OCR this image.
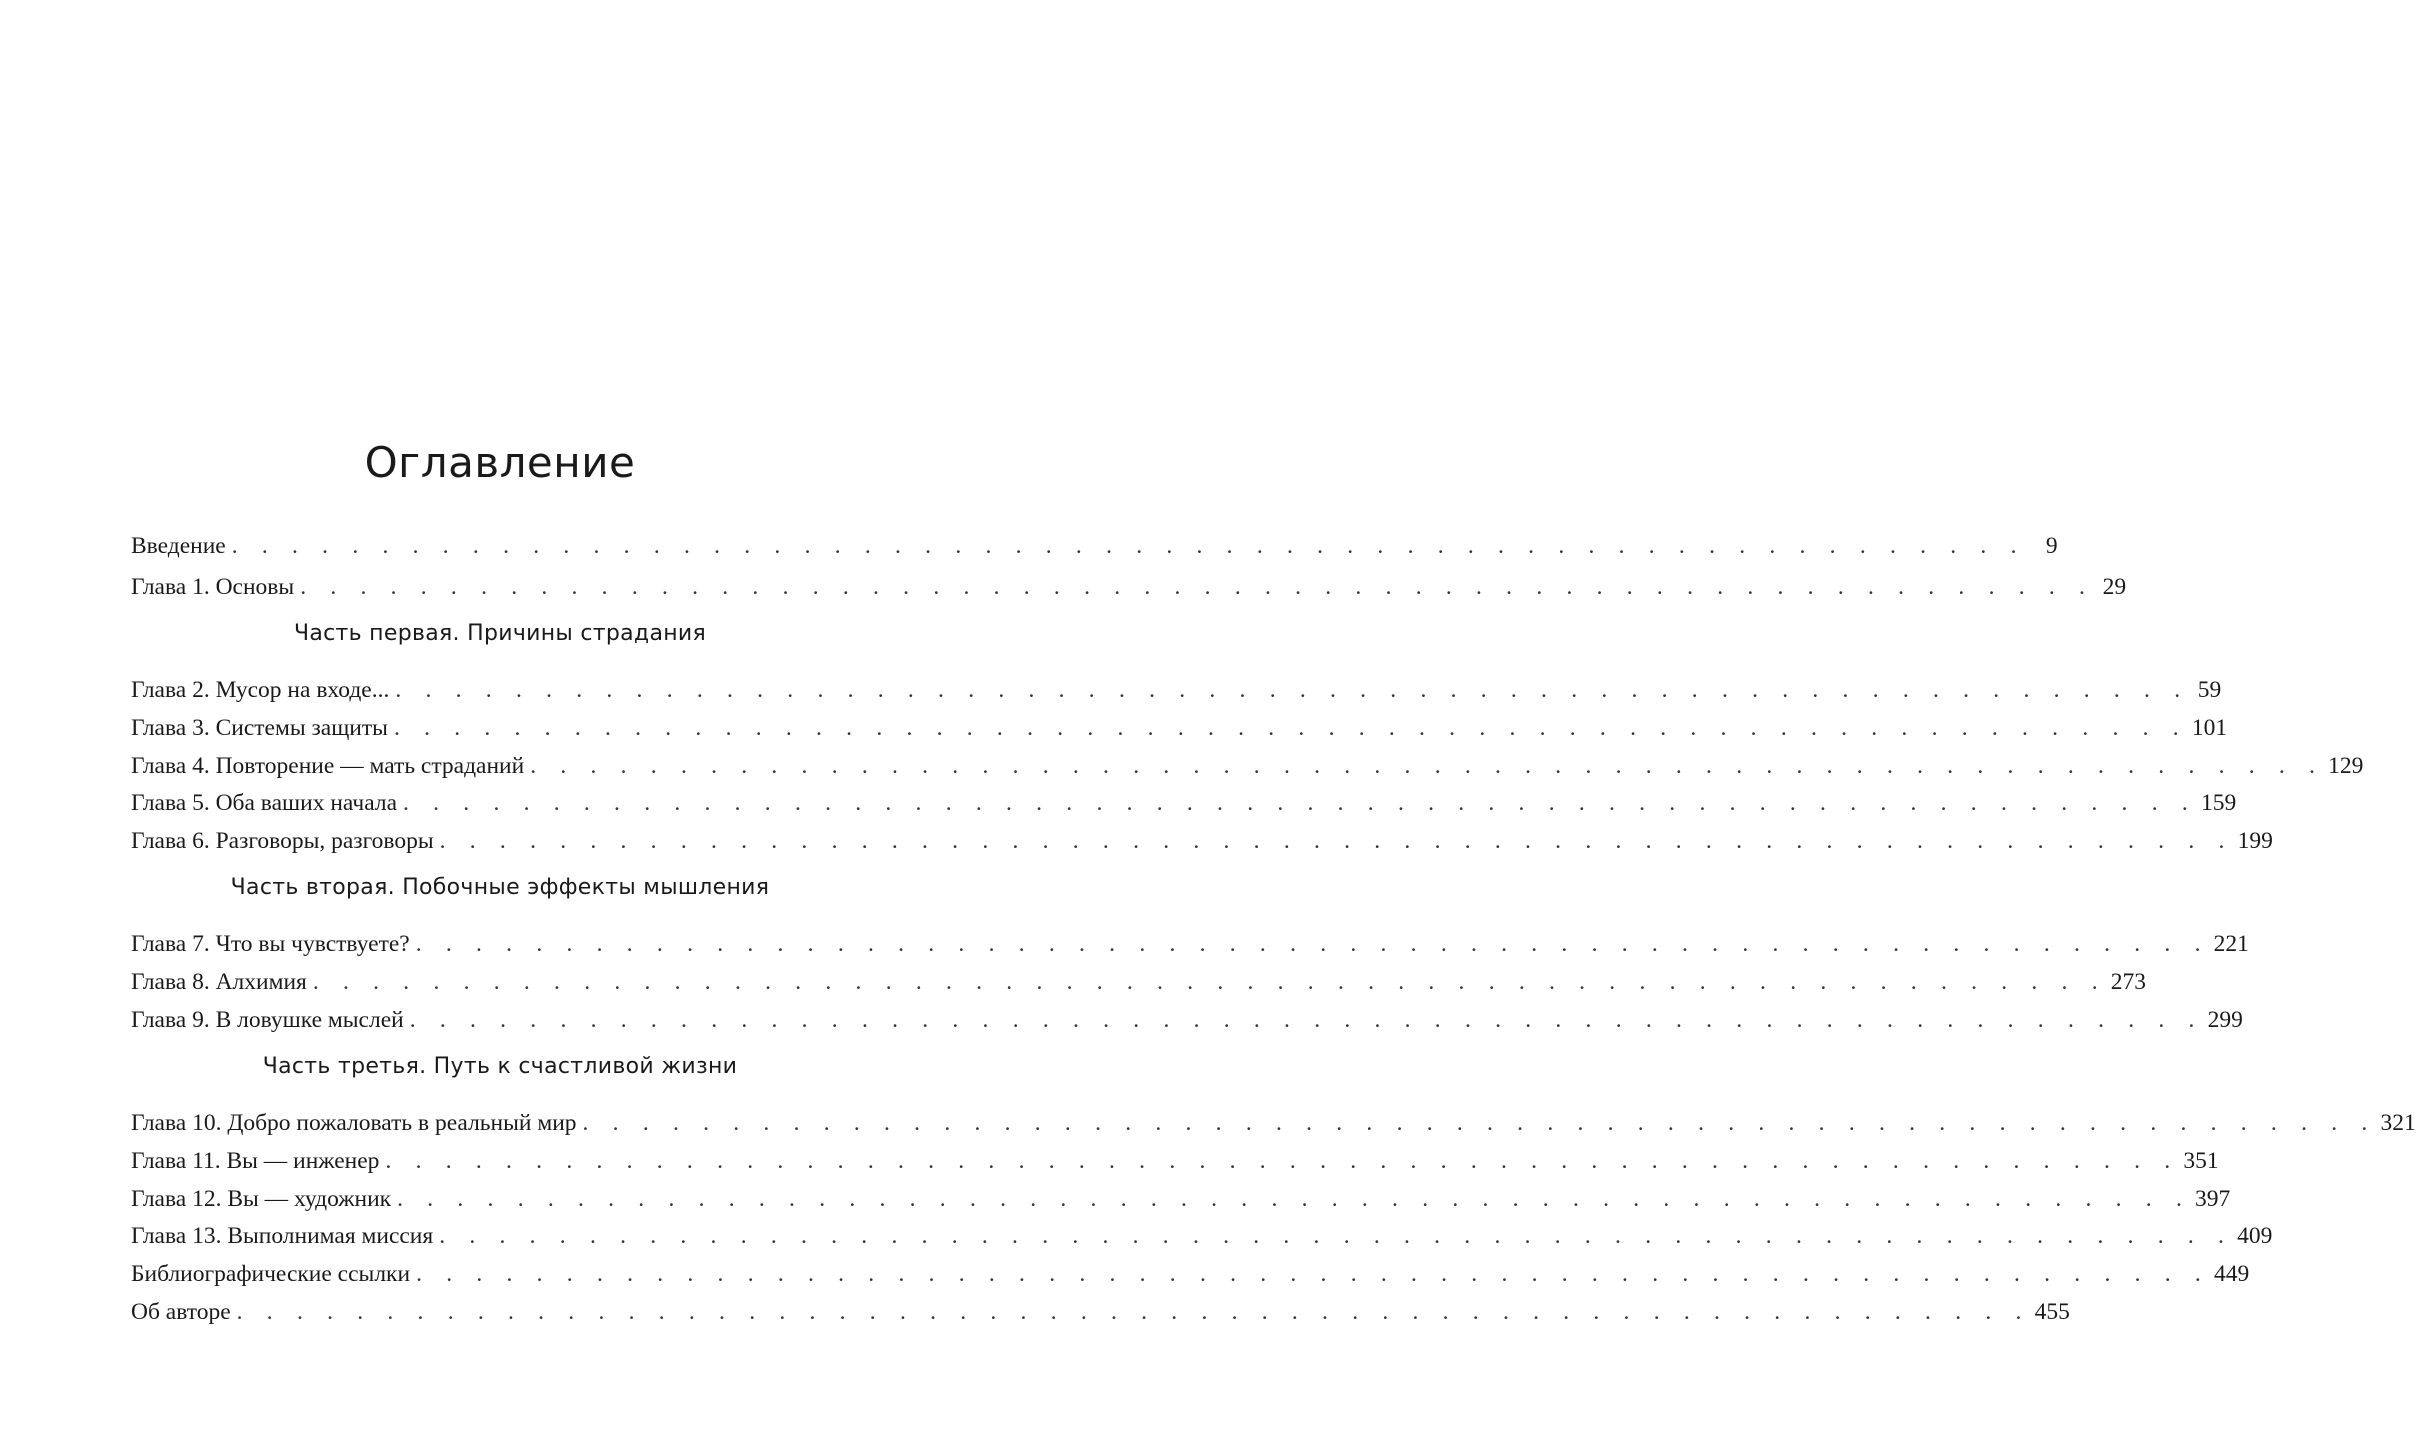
Оглавление
Введение . . . . . . . . . . . . . . . . . . . . . . . . . . . . . . . . . . . . . . . . . . . . . . . . . . . . . . . . . . . . 9
Глава 1. Основы . . . . . . . . . . . . . . . . . . . . . . . . . . . . . . . . . . . . . . . . . . . . . . . . . . . . . . . . . . . . 29
Часть первая. Причины страдания
Глава 2. Мусор на входе... . . . . . . . . . . . . . . . . . . . . . . . . . . . . . . . . . . . . . . . . . . . . . . . . . . . . . . . . . . . . 59
Глава 3. Системы защиты . . . . . . . . . . . . . . . . . . . . . . . . . . . . . . . . . . . . . . . . . . . . . . . . . . . . . . . . . . . . 101
Глава 4. Повторение — мать страданий . . . . . . . . . . . . . . . . . . . . . . . . . . . . . . . . . . . . . . . . . . . . . . . . . . . . . . . . . . . . 129
Глава 5. Оба ваших начала . . . . . . . . . . . . . . . . . . . . . . . . . . . . . . . . . . . . . . . . . . . . . . . . . . . . . . . . . . . . 159
Глава 6. Разговоры, разговоры . . . . . . . . . . . . . . . . . . . . . . . . . . . . . . . . . . . . . . . . . . . . . . . . . . . . . . . . . . . . 199
Часть вторая. Побочные эффекты мышления
Глава 7. Что вы чувствуете? . . . . . . . . . . . . . . . . . . . . . . . . . . . . . . . . . . . . . . . . . . . . . . . . . . . . . . . . . . . . 221
Глава 8. Алхимия . . . . . . . . . . . . . . . . . . . . . . . . . . . . . . . . . . . . . . . . . . . . . . . . . . . . . . . . . . . . 273
Глава 9. В ловушке мыслей . . . . . . . . . . . . . . . . . . . . . . . . . . . . . . . . . . . . . . . . . . . . . . . . . . . . . . . . . . . . 299
Часть третья. Путь к счастливой жизни
Глава 10. Добро пожаловать в реальный мир . . . . . . . . . . . . . . . . . . . . . . . . . . . . . . . . . . . . . . . . . . . . . . . . . . . . . . . . . . . . 321
Глава 11. Вы — инженер . . . . . . . . . . . . . . . . . . . . . . . . . . . . . . . . . . . . . . . . . . . . . . . . . . . . . . . . . . . . 351
Глава 12. Вы — художник . . . . . . . . . . . . . . . . . . . . . . . . . . . . . . . . . . . . . . . . . . . . . . . . . . . . . . . . . . . . 397
Глава 13. Выполнимая миссия . . . . . . . . . . . . . . . . . . . . . . . . . . . . . . . . . . . . . . . . . . . . . . . . . . . . . . . . . . . . 409
Библиографические ссылки . . . . . . . . . . . . . . . . . . . . . . . . . . . . . . . . . . . . . . . . . . . . . . . . . . . . . . . . . . . . 449
Об авторе . . . . . . . . . . . . . . . . . . . . . . . . . . . . . . . . . . . . . . . . . . . . . . . . . . . . . . . . . . . . 455
